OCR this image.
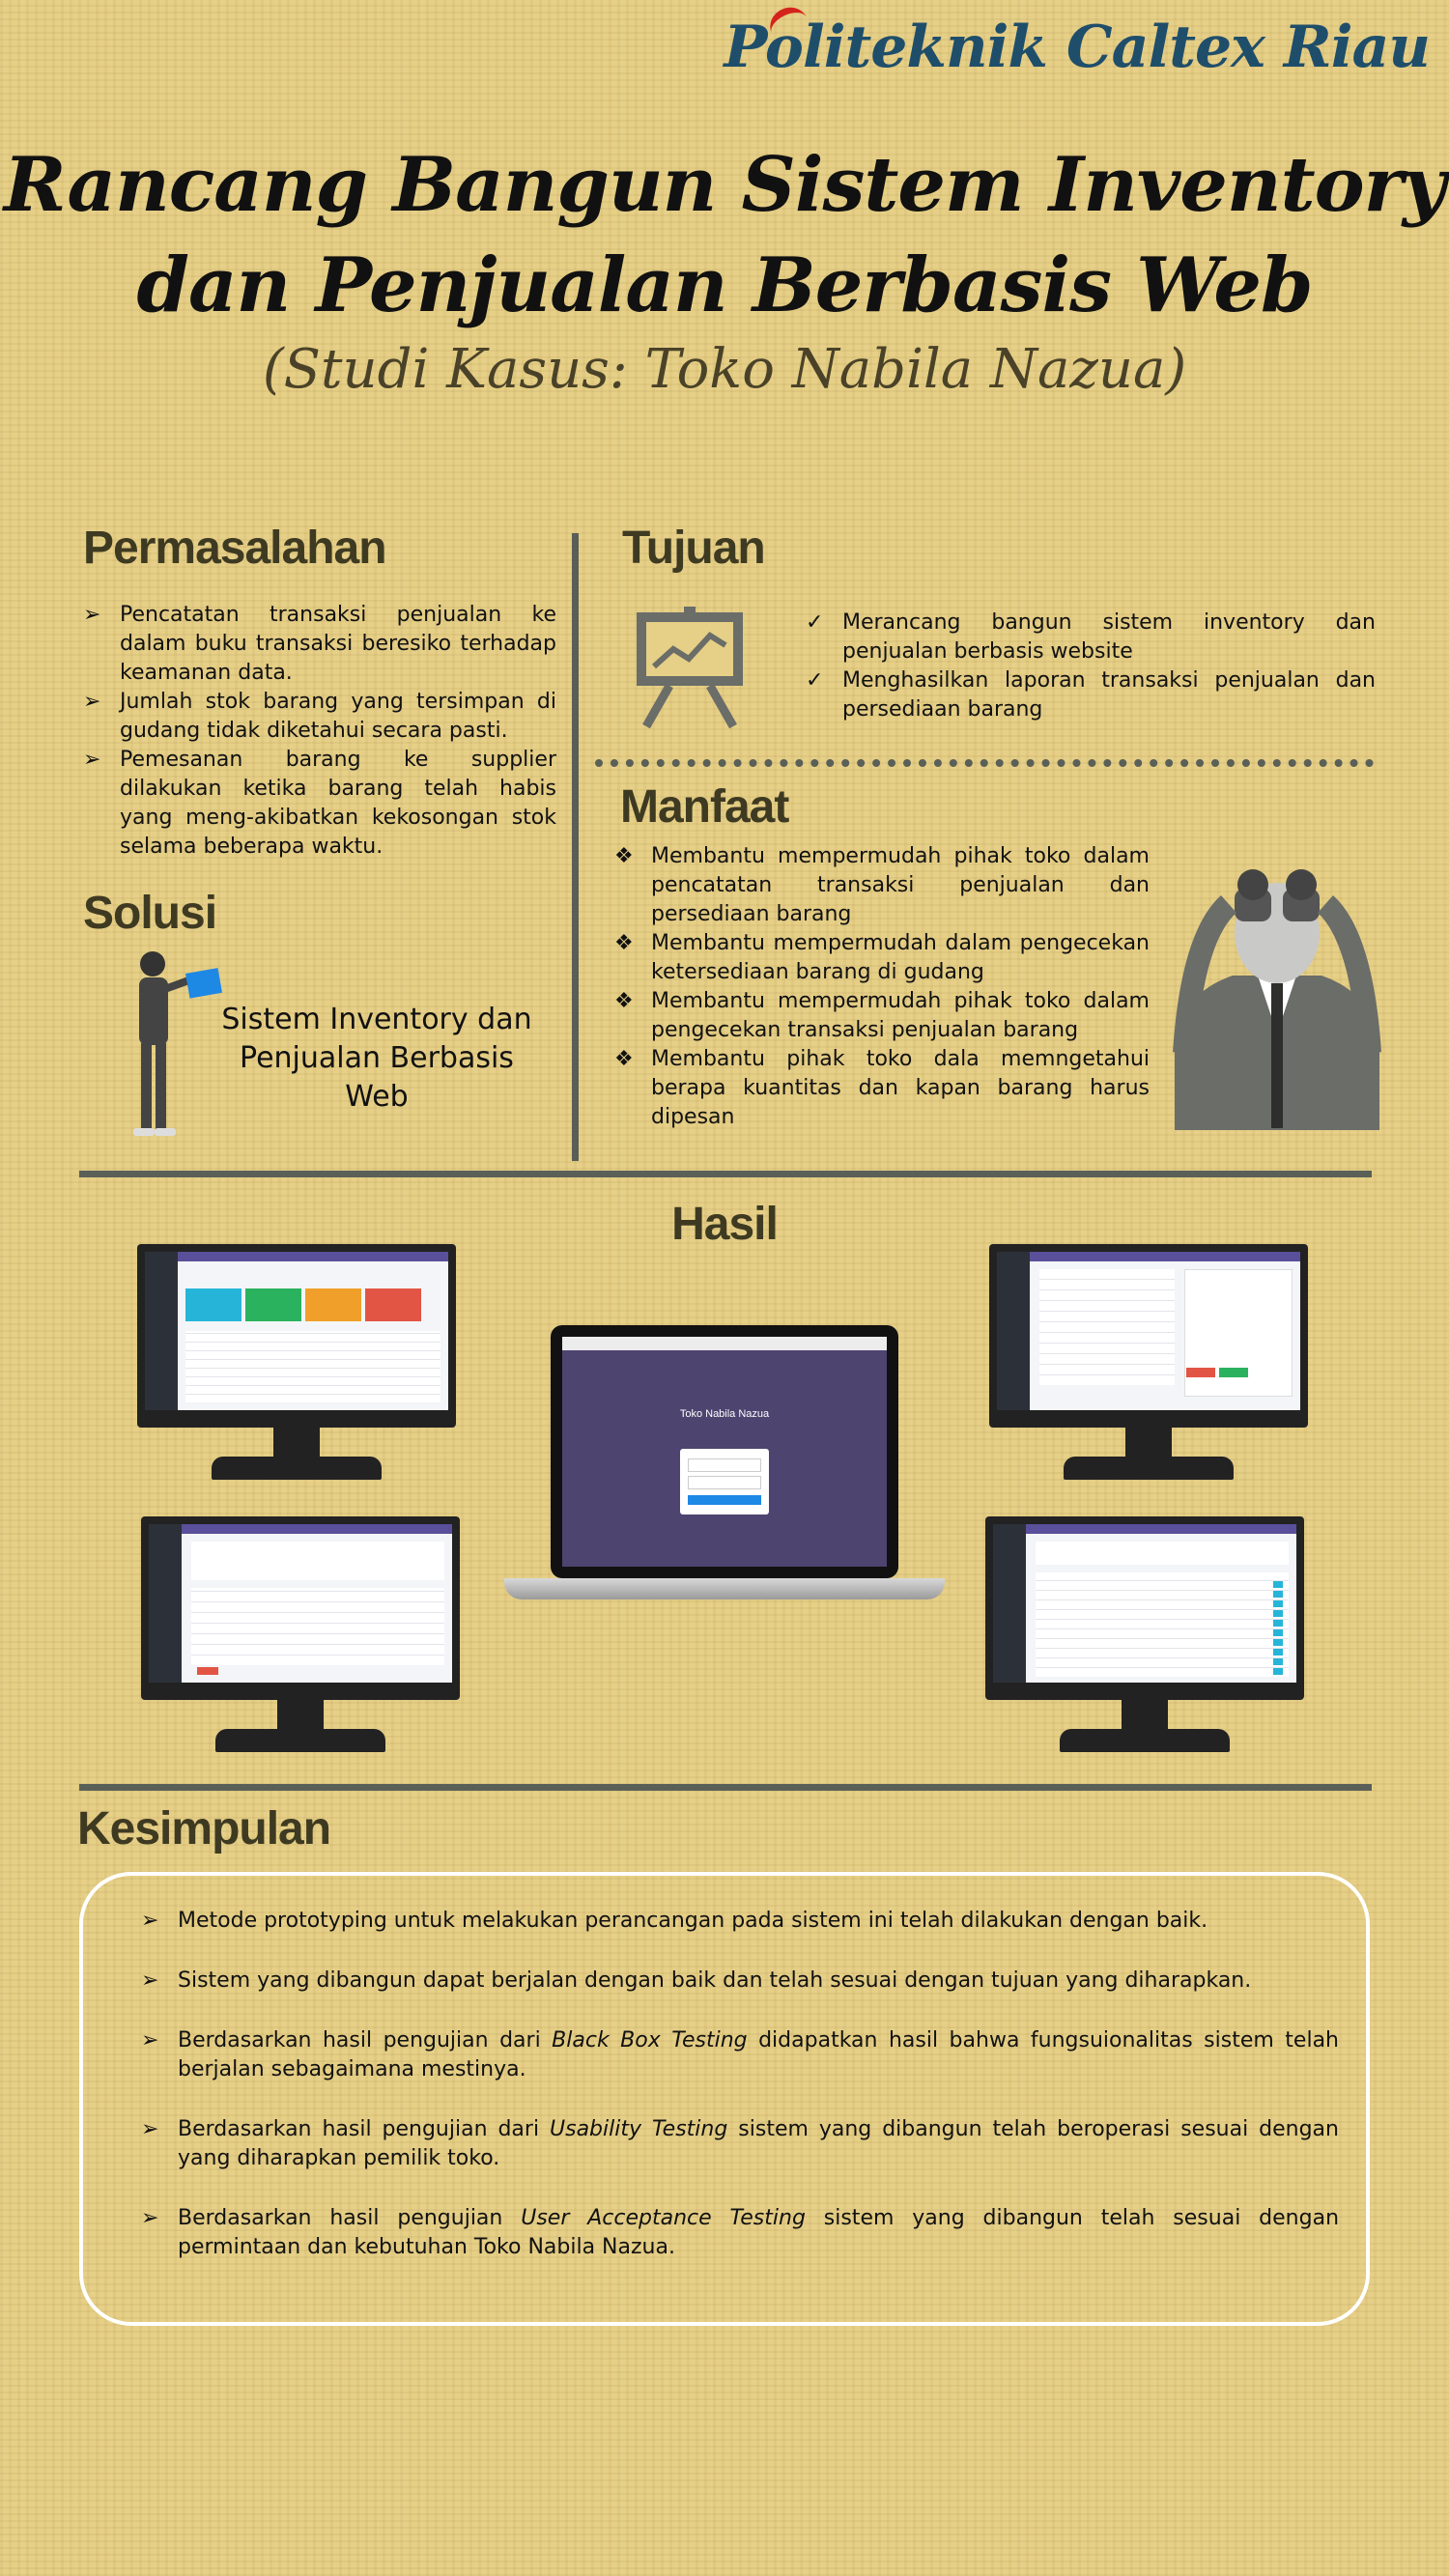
Politeknik Caltex Riau
Rancang Bangun Sistem Inventory
dan Penjualan Berbasis Web
(Studi Kasus: Toko Nabila Nazua)
Permasalahan
➢ Pencatatan transaksi penjualan ke dalam buku transaksi beresiko terhadap keamanan data.
➢ Jumlah stok barang yang tersimpan di gudang tidak diketahui secara pasti.
➢ Pemesanan barang ke supplier dilakukan ketika barang telah habis yang meng-akibatkan kekosongan stok selama beberapa waktu.
Solusi
Sistem Inventory dan
Penjualan Berbasis Web
Tujuan
✓ Merancang bangun sistem inventory dan penjualan berbasis website
✓ Menghasilkan laporan transaksi penjualan dan persediaan barang
Manfaat
❖ Membantu mempermudah pihak toko dalam pencatatan transaksi penjualan dan persediaan barang
❖ Membantu mempermudah dalam pengecekan ketersediaan barang di gudang
❖ Membantu mempermudah pihak toko dalam pengecekan transaksi penjualan barang
❖ Membantu pihak toko dala memngetahui berapa kuantitas dan kapan barang harus dipesan
Hasil
Toko Nabila Nazua
Kesimpulan
➢ Metode prototyping untuk melakukan perancangan pada sistem ini telah dilakukan dengan baik.
➢ Sistem yang dibangun dapat berjalan dengan baik dan telah sesuai dengan tujuan yang diharapkan.
➢ Berdasarkan hasil pengujian dari Black Box Testing didapatkan hasil bahwa fungsuionalitas sistem telah berjalan sebagaimana mestinya.
➢ Berdasarkan hasil pengujian dari Usability Testing sistem yang dibangun telah beroperasi sesuai dengan yang diharapkan pemilik toko.
➢ Berdasarkan hasil pengujian User Acceptance Testing sistem yang dibangun telah sesuai dengan permintaan dan kebutuhan Toko Nabila Nazua.
